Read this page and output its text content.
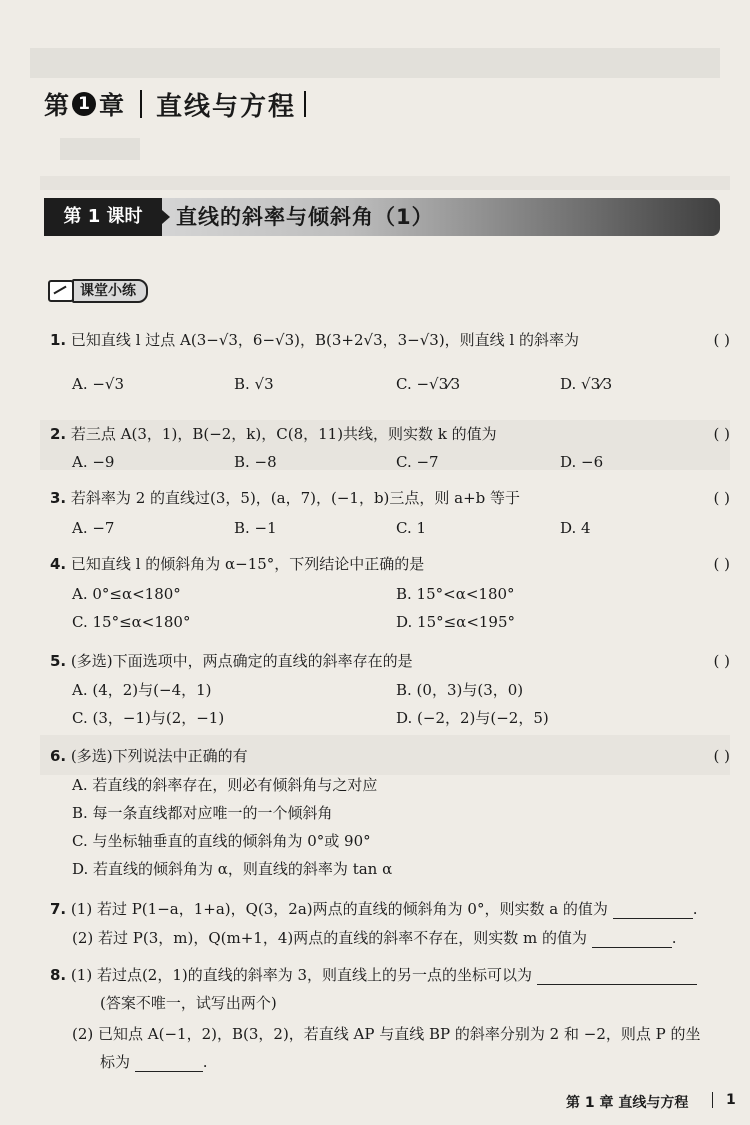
第 1 章 直线与方程
第 1 课时	直线的斜率与倾斜角（1）
课堂小练
1. 已知直线 l 过点 A(3−√3，6−√3)，B(3+2√3，3−√3)，则直线 l 的斜率为	( )
A. −√3	B. √3	C. −√3⁄3	D. √3⁄3
2. 若三点 A(3，1)，B(−2，k)，C(8，11)共线，则实数 k 的值为	( )
A. −9	B. −8	C. −7	D. −6
3. 若斜率为 2 的直线过(3，5)，(a，7)，(−1，b)三点，则 a+b 等于	( )
A. −7	B. −1	C. 1	D. 4
4. 已知直线 l 的倾斜角为 α−15°，下列结论中正确的是	( )
A. 0°≤α<180°	B. 15°<α<180°
C. 15°≤α<180°	D. 15°≤α<195°
5. (多选)下面选项中，两点确定的直线的斜率存在的是	( )
A. (4，2)与(−4，1)	B. (0，3)与(3，0)
C. (3，−1)与(2，−1)	D. (−2，2)与(−2，5)
6. (多选)下列说法中正确的有	( )
A. 若直线的斜率存在，则必有倾斜角与之对应
B. 每一条直线都对应唯一的一个倾斜角
C. 与坐标轴垂直的直线的倾斜角为 0°或 90°
D. 若直线的倾斜角为 α，则直线的斜率为 tan α
7. (1) 若过 P(1−a，1+a)，Q(3，2a)两点的直线的倾斜角为 0°，则实数 a 的值为	.
(2) 若过 P(3，m)，Q(m+1，4)两点的直线的斜率不存在，则实数 m 的值为	.
8. (1) 若过点(2，1)的直线的斜率为 3，则直线上的另一点的坐标可以为
(答案不唯一，试写出两个)
(2) 已知点 A(−1，2)，B(3，2)，若直线 AP 与直线 BP 的斜率分别为 2 和 −2，则点 P 的坐
标为	.
第 1 章 直线与方程	1
